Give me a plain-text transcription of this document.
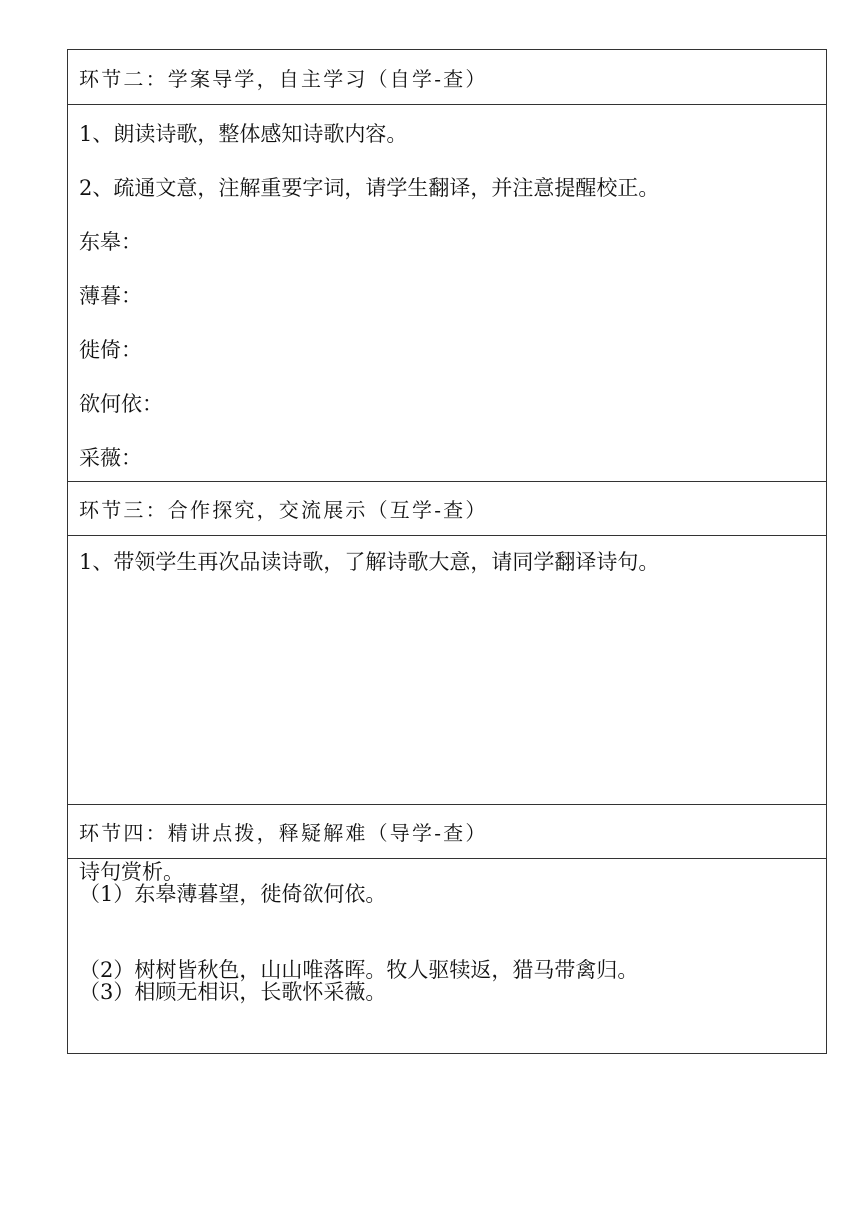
环节二：学案导学，自主学习（自学-查）
1、朗读诗歌，整体感知诗歌内容。
2、疏通文意，注解重要字词，请学生翻译，并注意提醒校正。
东皋：
薄暮：
徙倚：
欲何依：
采薇：
环节三：合作探究，交流展示（互学-查）
1、带领学生再次品读诗歌，了解诗歌大意，请同学翻译诗句。
环节四：精讲点拨，释疑解难（导学-查）
诗句赏析。
（1）东皋薄暮望，徙倚欲何依。
（2）树树皆秋色，山山唯落晖。牧人驱犊返，猎马带禽归。
（3）相顾无相识，长歌怀采薇。
